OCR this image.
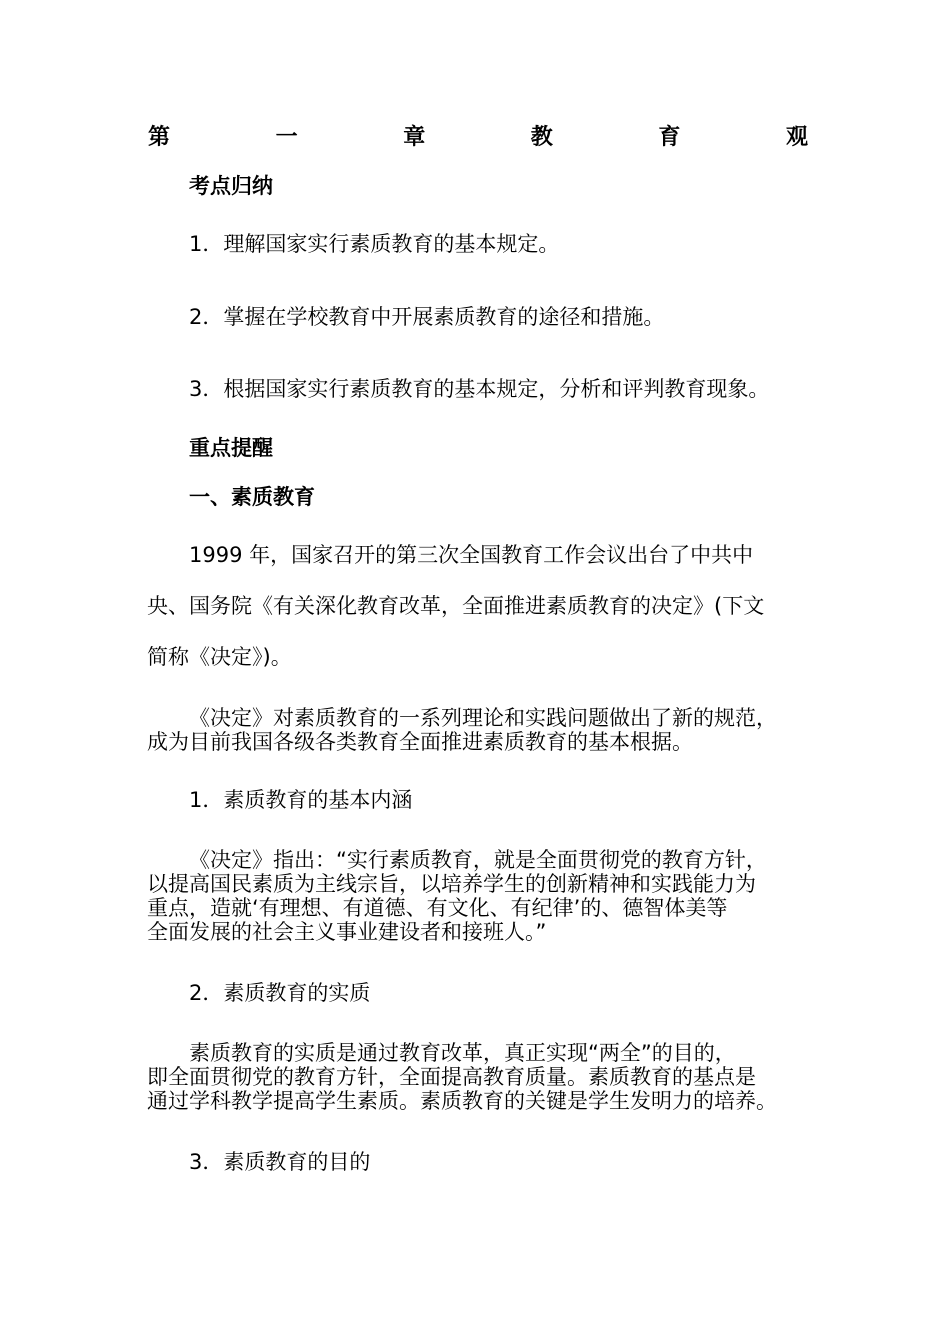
第	一	章	教	育	观
考点归纳
1．理解国家实行素质教育的基本规定。
2．掌握在学校教育中开展素质教育的途径和措施。
3．根据国家实行素质教育的基本规定，分析和评判教育现象。
重点提醒
一、素质教育
1999 年，国家召开的第三次全国教育工作会议出台了中共中
央、国务院《有关深化教育改革，全面推进素质教育的决定》(下文
简称《决定》)。
《决定》对素质教育的一系列理论和实践问题做出了新的规范，
成为目前我国各级各类教育全面推进素质教育的基本根据。
1．素质教育的基本内涵
《决定》指出：“实行素质教育，就是全面贯彻党的教育方针，
以提高国民素质为主线宗旨，以培养学生的创新精神和实践能力为
重点，造就‘有理想、有道德、有文化、有纪律’的、德智体美等
全面发展的社会主义事业建设者和接班人。”
2．素质教育的实质
素质教育的实质是通过教育改革，真正实现“两全”的目的，
即全面贯彻党的教育方针，全面提高教育质量。素质教育的基点是
通过学科教学提高学生素质。素质教育的关键是学生发明力的培养。
3．素质教育的目的
